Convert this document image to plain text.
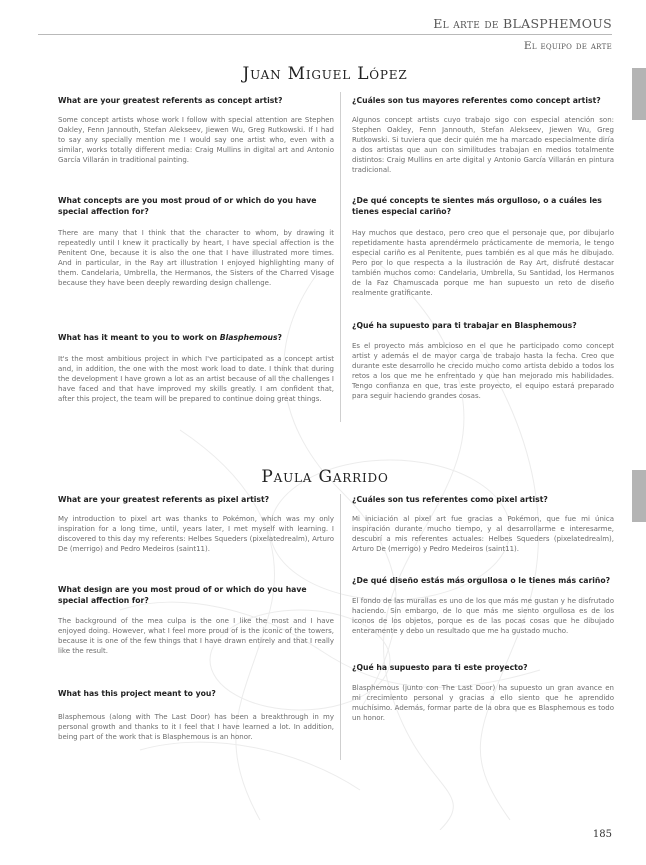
El arte de BLASPHEMOUS
El equipo de arte
Juan Miguel López
What are your greatest referents as concept artist?
Some concept artists whose work I follow with special attention are Stephen Oakley, Fenn Jannouth, Stefan Alekseev, Jiewen Wu, Greg Rutkowski. If I had to say any specially mention me I would say one artist who, even with a similar, works totally different media: Craig Mullins in digital art and Antonio García Villarán in traditional painting.
What concepts are you most proud of or which do you have special affection for?
There are many that I think that the character to whom, by drawing it repeatedly until I knew it practically by heart, I have special affection is the Penitent One, because it is also the one that I have illustrated more times. And in particular, in the Ray art illustration I enjoyed highlighting many of them. Candelaria, Umbrella, the Hermanos, the Sisters of the Charred Visage because they have been deeply rewarding design challenge.
What has it meant to you to work on Blasphemous?
It's the most ambitious project in which I've participated as a concept artist and, in addition, the one with the most work load to date. I think that during the development I have grown a lot as an artist because of all the challenges I have faced and that have improved my skills greatly. I am confident that, after this project, the team will be prepared to continue doing great things.
¿Cuáles son tus mayores referentes como concept artist?
Algunos concept artists cuyo trabajo sigo con especial atención son: Stephen Oakley, Fenn Jannouth, Stefan Alekseev, Jiewen Wu, Greg Rutkowski. Si tuviera que decir quién me ha marcado especialmente diría a dos artistas que aun con similitudes trabajan en medios totalmente distintos: Craig Mullins en arte digital y Antonio García Villarán en pintura tradicional.
¿De qué concepts te sientes más orgulloso, o a cuáles les tienes especial cariño?
Hay muchos que destaco, pero creo que el personaje que, por dibujarlo repetidamente hasta aprendérmelo prácticamente de memoria, le tengo especial cariño es al Penitente, pues también es al que más he dibujado. Pero por lo que respecta a la ilustración de Ray Art, disfruté destacar también muchos como: Candelaria, Umbrella, Su Santidad, los Hermanos de la Faz Chamuscada porque me han supuesto un reto de diseño realmente gratificante.
¿Qué ha supuesto para ti trabajar en Blasphemous?
Es el proyecto más ambicioso en el que he participado como concept artist y además el de mayor carga de trabajo hasta la fecha. Creo que durante este desarrollo he crecido mucho como artista debido a todos los retos a los que me he enfrentado y que han mejorado mis habilidades. Tengo confianza en que, tras este proyecto, el equipo estará preparado para seguir haciendo grandes cosas.
Paula Garrido
What are your greatest referents as pixel artist?
My introduction to pixel art was thanks to Pokémon, which was my only inspiration for a long time, until, years later, I met myself with learning. I discovered to this day my referents: Helbes Squeders (pixelatedrealm), Arturo De (merrigo) and Pedro Medeiros (saint11).
What design are you most proud of or which do you have special affection for?
The background of the mea culpa is the one I like the most and I have enjoyed doing. However, what I feel more proud of is the iconic of the towers, because it is one of the few things that I have drawn entirely and that I really like the result.
What has this project meant to you?
Blasphemous (along with The Last Door) has been a breakthrough in my personal growth and thanks to it I feel that I have learned a lot. In addition, being part of the work that is Blasphemous is an honor.
¿Cuáles son tus referentes como pixel artist?
Mi iniciación al pixel art fue gracias a Pokémon, que fue mi única inspiración durante mucho tiempo, y al desarrollarme e interesarme, descubrí a mis referentes actuales: Helbes Squeders (pixelatedrealm), Arturo De (merrigo) y Pedro Medeiros (saint11).
¿De qué diseño estás más orgullosa o le tienes más cariño?
El fondo de las murallas es uno de los que más me gustan y he disfrutado haciendo. Sin embargo, de lo que más me siento orgullosa es de los iconos de los objetos, porque es de las pocas cosas que he dibujado enteramente y debo un resultado que me ha gustado mucho.
¿Qué ha supuesto para ti este proyecto?
Blasphemous (junto con The Last Door) ha supuesto un gran avance en mi crecimiento personal y gracias a ello siento que he aprendido muchísimo. Además, formar parte de la obra que es Blasphemous es todo un honor.
185
